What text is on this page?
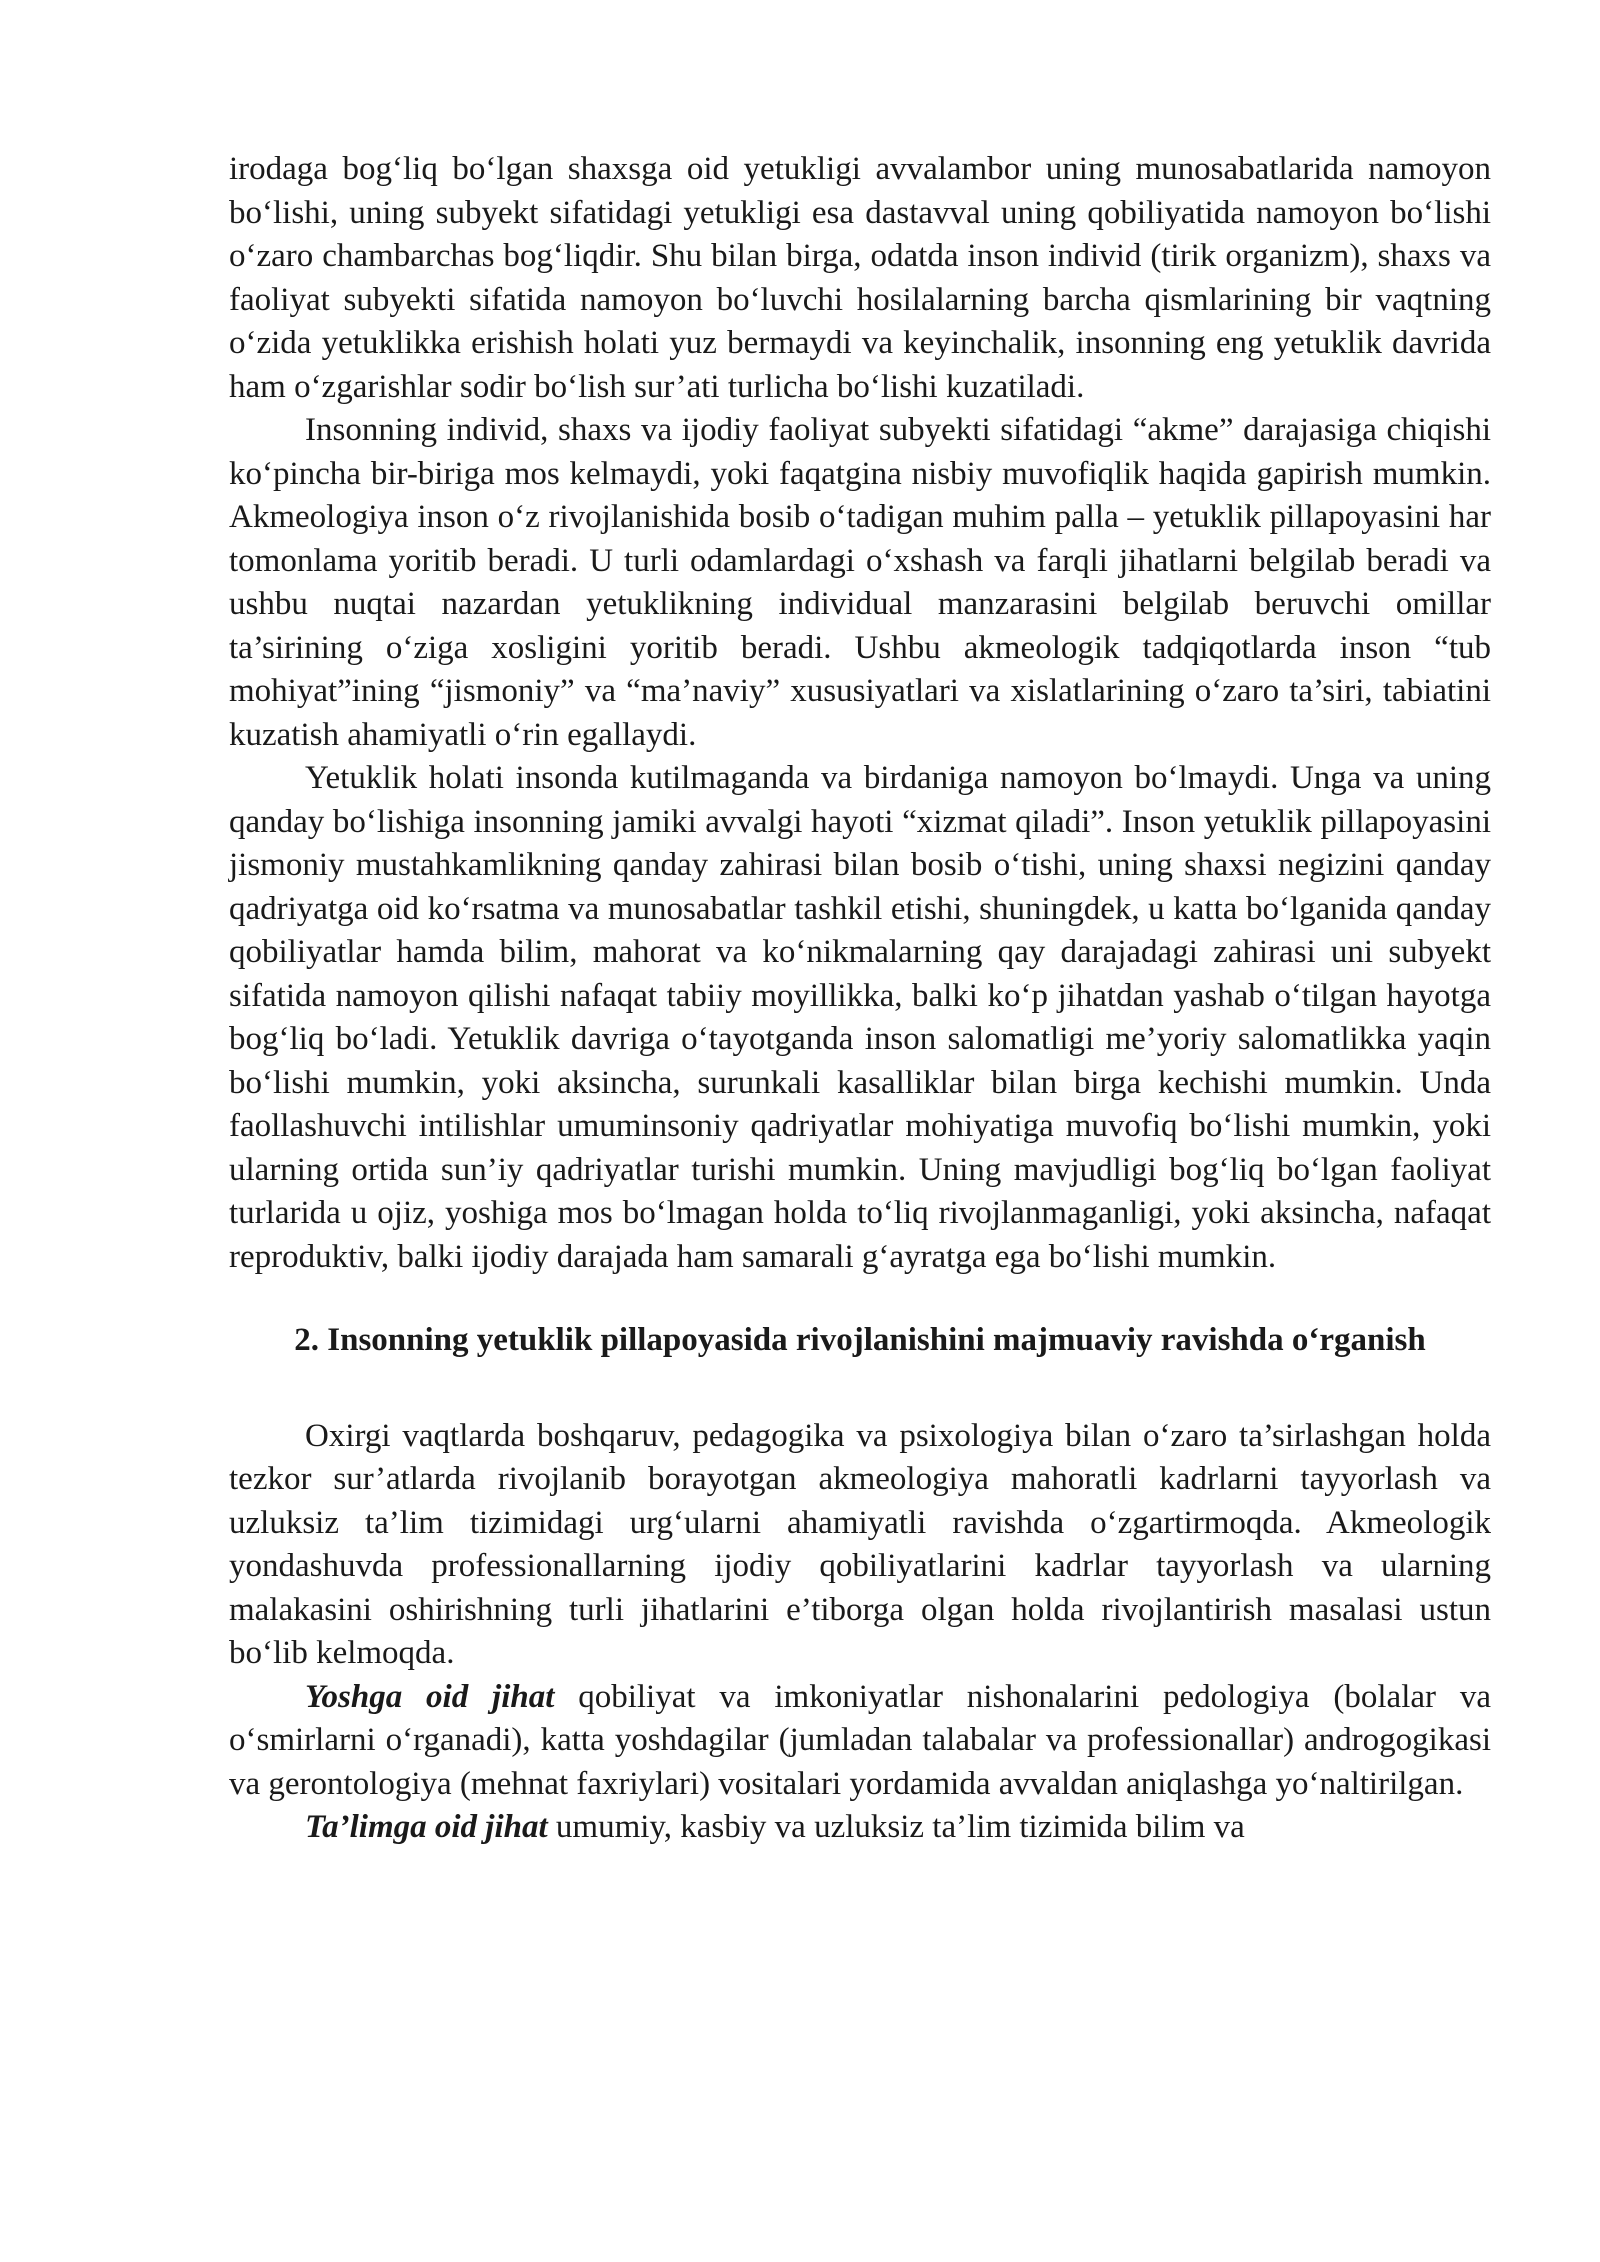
irodaga bog‘liq bo‘lgan shaxsga oid yetukligi avvalambor uning munosabatlarida namoyon bo‘lishi, uning subyekt sifatidagi yetukligi esa dastavval uning qobiliyatida namoyon bo‘lishi o‘zaro chambarchas bog‘liqdir. Shu bilan birga, odatda inson individ (tirik organizm), shaxs va faoliyat subyekti sifatida namoyon bo‘luvchi hosilalarning barcha qismlarining bir vaqtning o‘zida yetuklikka erishish holati yuz bermaydi va keyinchalik, insonning eng yetuklik davrida ham o‘zgarishlar sodir bo‘lish sur’ati turlicha bo‘lishi kuzatiladi.

Insonning individ, shaxs va ijodiy faoliyat subyekti sifatidagi “akme” darajasiga chiqishi ko‘pincha bir-biriga mos kelmaydi, yoki faqatgina nisbiy muvofiqlik haqida gapirish mumkin. Akmeologiya inson o‘z rivojlanishida bosib o‘tadigan muhim palla – yetuklik pillapoyasini har tomonlama yoritib beradi. U turli odamlardagi o‘xshash va farqli jihatlarni belgilab beradi va ushbu nuqtai nazardan yetuklikning individual manzarasini belgilab beruvchi omillar ta’sirining o‘ziga xosligini yoritib beradi. Ushbu akmeologik tadqiqotlarda inson “tub mohiyat”ining “jismoniy” va “ma’naviy” xususiyatlari va xislatlarining o‘zaro ta’siri, tabiatini kuzatish ahamiyatli o‘rin egallaydi.

Yetuklik holati insonda kutilmaganda va birdaniga namoyon bo‘lmaydi. Unga va uning qanday bo‘lishiga insonning jamiki avvalgi hayoti “xizmat qiladi”. Inson yetuklik pillapoyasini jismoniy mustahkamlikning qanday zahirasi bilan bosib o‘tishi, uning shaxsi negizini qanday qadriyatga oid ko‘rsatma va munosabatlar tashkil etishi, shuningdek, u katta bo‘lganida qanday qobiliyatlar hamda bilim, mahorat va ko‘nikmalarning qay darajadagi zahirasi uni subyekt sifatida namoyon qilishi nafaqat tabiiy moyillikka, balki ko‘p jihatdan yashab o‘tilgan hayotga bog‘liq bo‘ladi. Yetuklik davriga o‘tayotganda inson salomatligi me’yoriy salomatlikka yaqin bo‘lishi mumkin, yoki aksincha, surunkali kasalliklar bilan birga kechishi mumkin. Unda faollashuvchi intilishlar umuminsoniy qadriyatlar mohiyatiga muvofiq bo‘lishi mumkin, yoki ularning ortida sun’iy qadriyatlar turishi mumkin. Uning mavjudligi bog‘liq bo‘lgan faoliyat turlarida u ojiz, yoshiga mos bo‘lmagan holda to‘liq rivojlanmaganligi, yoki aksincha, nafaqat reproduktiv, balki ijodiy darajada ham samarali g‘ayratga ega bo‘lishi mumkin.

2. Insonning yetuklik pillapoyasida rivojlanishini majmuaviy ravishda o‘rganish

Oxirgi vaqtlarda boshqaruv, pedagogika va psixologiya bilan o‘zaro ta’sirlashgan holda tezkor sur’atlarda rivojlanib borayotgan akmeologiya mahoratli kadrlarni tayyorlash va uzluksiz ta’lim tizimidagi urg‘ularni ahamiyatli ravishda o‘zgartirmoqda. Akmeologik yondashuvda professionallarning ijodiy qobiliyatlarini kadrlar tayyorlash va ularning malakasini oshirishning turli jihatlarini e’tiborga olgan holda rivojlantirish masalasi ustun bo‘lib kelmoqda.

Yoshga oid jihat qobiliyat va imkoniyatlar nishonalarini pedologiya (bolalar va o‘smirlarni o‘rganadi), katta yoshdagilar (jumladan talabalar va professionallar) androgogikasi va gerontologiya (mehnat faxriylari) vositalari yordamida avvaldan aniqlashga yo‘naltirilgan.

Ta’limga oid jihat umumiy, kasbiy va uzluksiz ta’lim tizimida bilim va
